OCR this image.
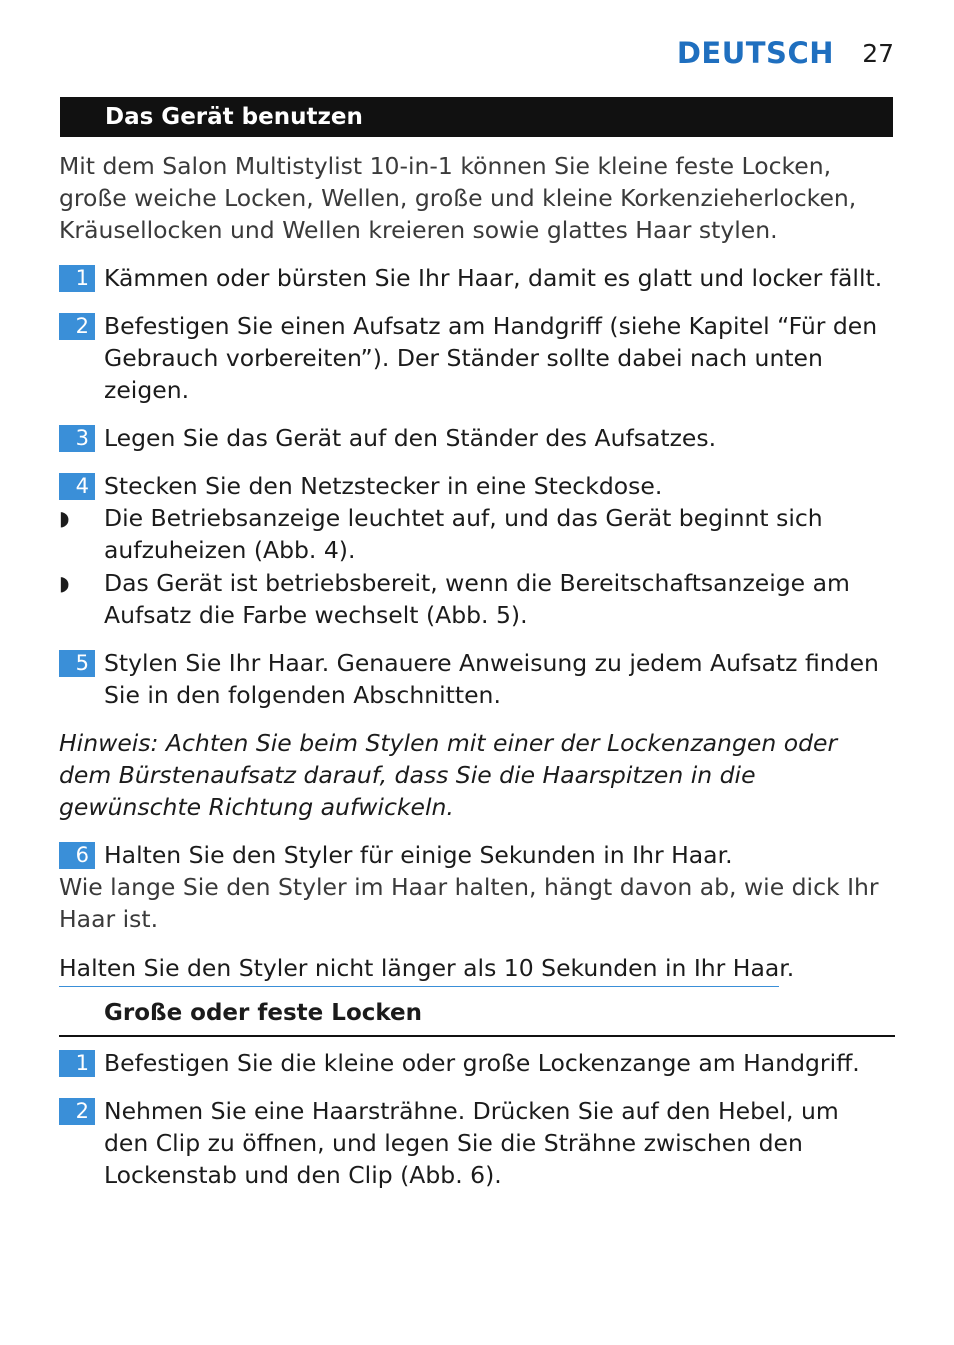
DEUTSCH 27
Das Gerät benutzen
Mit dem Salon Multistylist 10-in-1 können Sie kleine feste Locken, große weiche Locken, Wellen, große und kleine Korkenzieherlocken, Kräusellocken und Wellen kreieren sowie glattes Haar stylen.
1 Kämmen oder bürsten Sie Ihr Haar, damit es glatt und locker fällt.
2 Befestigen Sie einen Aufsatz am Handgriff (siehe Kapitel “Für den Gebrauch vorbereiten”). Der Ständer sollte dabei nach unten zeigen.
3 Legen Sie das Gerät auf den Ständer des Aufsatzes.
4 Stecken Sie den Netzstecker in eine Steckdose.
◗ Die Betriebsanzeige leuchtet auf, und das Gerät beginnt sich aufzuheizen (Abb. 4).
◗ Das Gerät ist betriebsbereit, wenn die Bereitschaftsanzeige am Aufsatz die Farbe wechselt (Abb. 5).
5 Stylen Sie Ihr Haar. Genauere Anweisung zu jedem Aufsatz finden Sie in den folgenden Abschnitten.
Hinweis: Achten Sie beim Stylen mit einer der Lockenzangen oder dem Bürstenaufsatz darauf, dass Sie die Haarspitzen in die gewünschte Richtung aufwickeln.
6 Halten Sie den Styler für einige Sekunden in Ihr Haar.
Wie lange Sie den Styler im Haar halten, hängt davon ab, wie dick Ihr Haar ist.
Halten Sie den Styler nicht länger als 10 Sekunden in Ihr Haar.
Große oder feste Locken
1 Befestigen Sie die kleine oder große Lockenzange am Handgriff.
2 Nehmen Sie eine Haarsträhne. Drücken Sie auf den Hebel, um den Clip zu öffnen, und legen Sie die Strähne zwischen den Lockenstab und den Clip (Abb. 6).
